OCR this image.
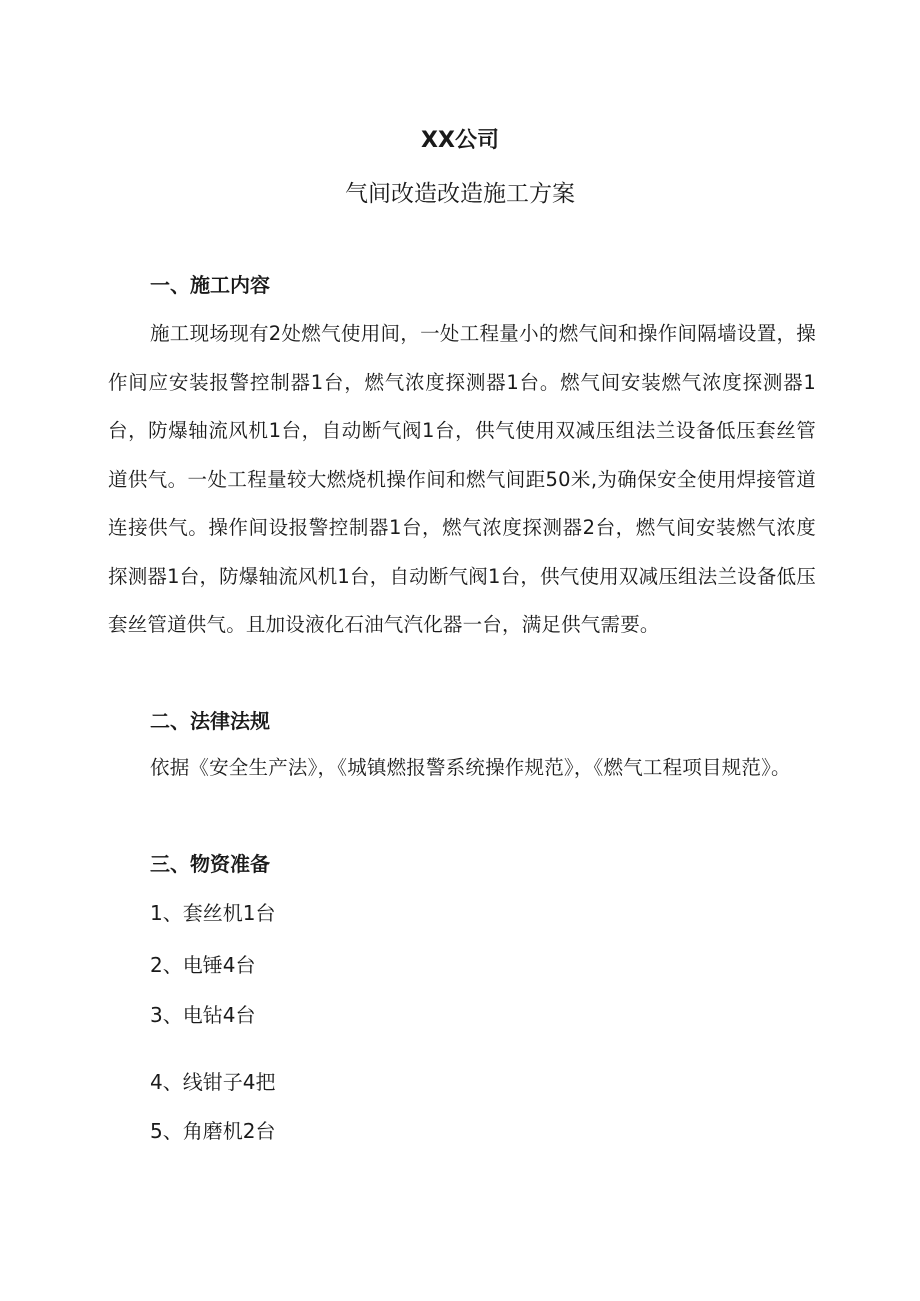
XX公司
气间改造改造施工方案
一、施工内容
施工现场现有2处燃气使用间，一处工程量小的燃气间和操作间隔墙设置，操作间应安装报警控制器1台，燃气浓度探测器1台。燃气间安装燃气浓度探测器1台，防爆轴流风机1台，自动断气阀1台，供气使用双减压组法兰设备低压套丝管道供气。一处工程量较大燃烧机操作间和燃气间距50米,为确保安全使用焊接管道连接供气。操作间设报警控制器1台，燃气浓度探测器2台，燃气间安装燃气浓度探测器1台，防爆轴流风机1台，自动断气阀1台，供气使用双减压组法兰设备低压套丝管道供气。且加设液化石油气汽化器一台，满足供气需要。
二、法律法规
依据《安全生产法》，《城镇燃报警系统操作规范》，《燃气工程项目规范》。
三、物资准备
1、套丝机1台
2、电锤4台
3、电钻4台
4、线钳子4把
5、角磨机2台
